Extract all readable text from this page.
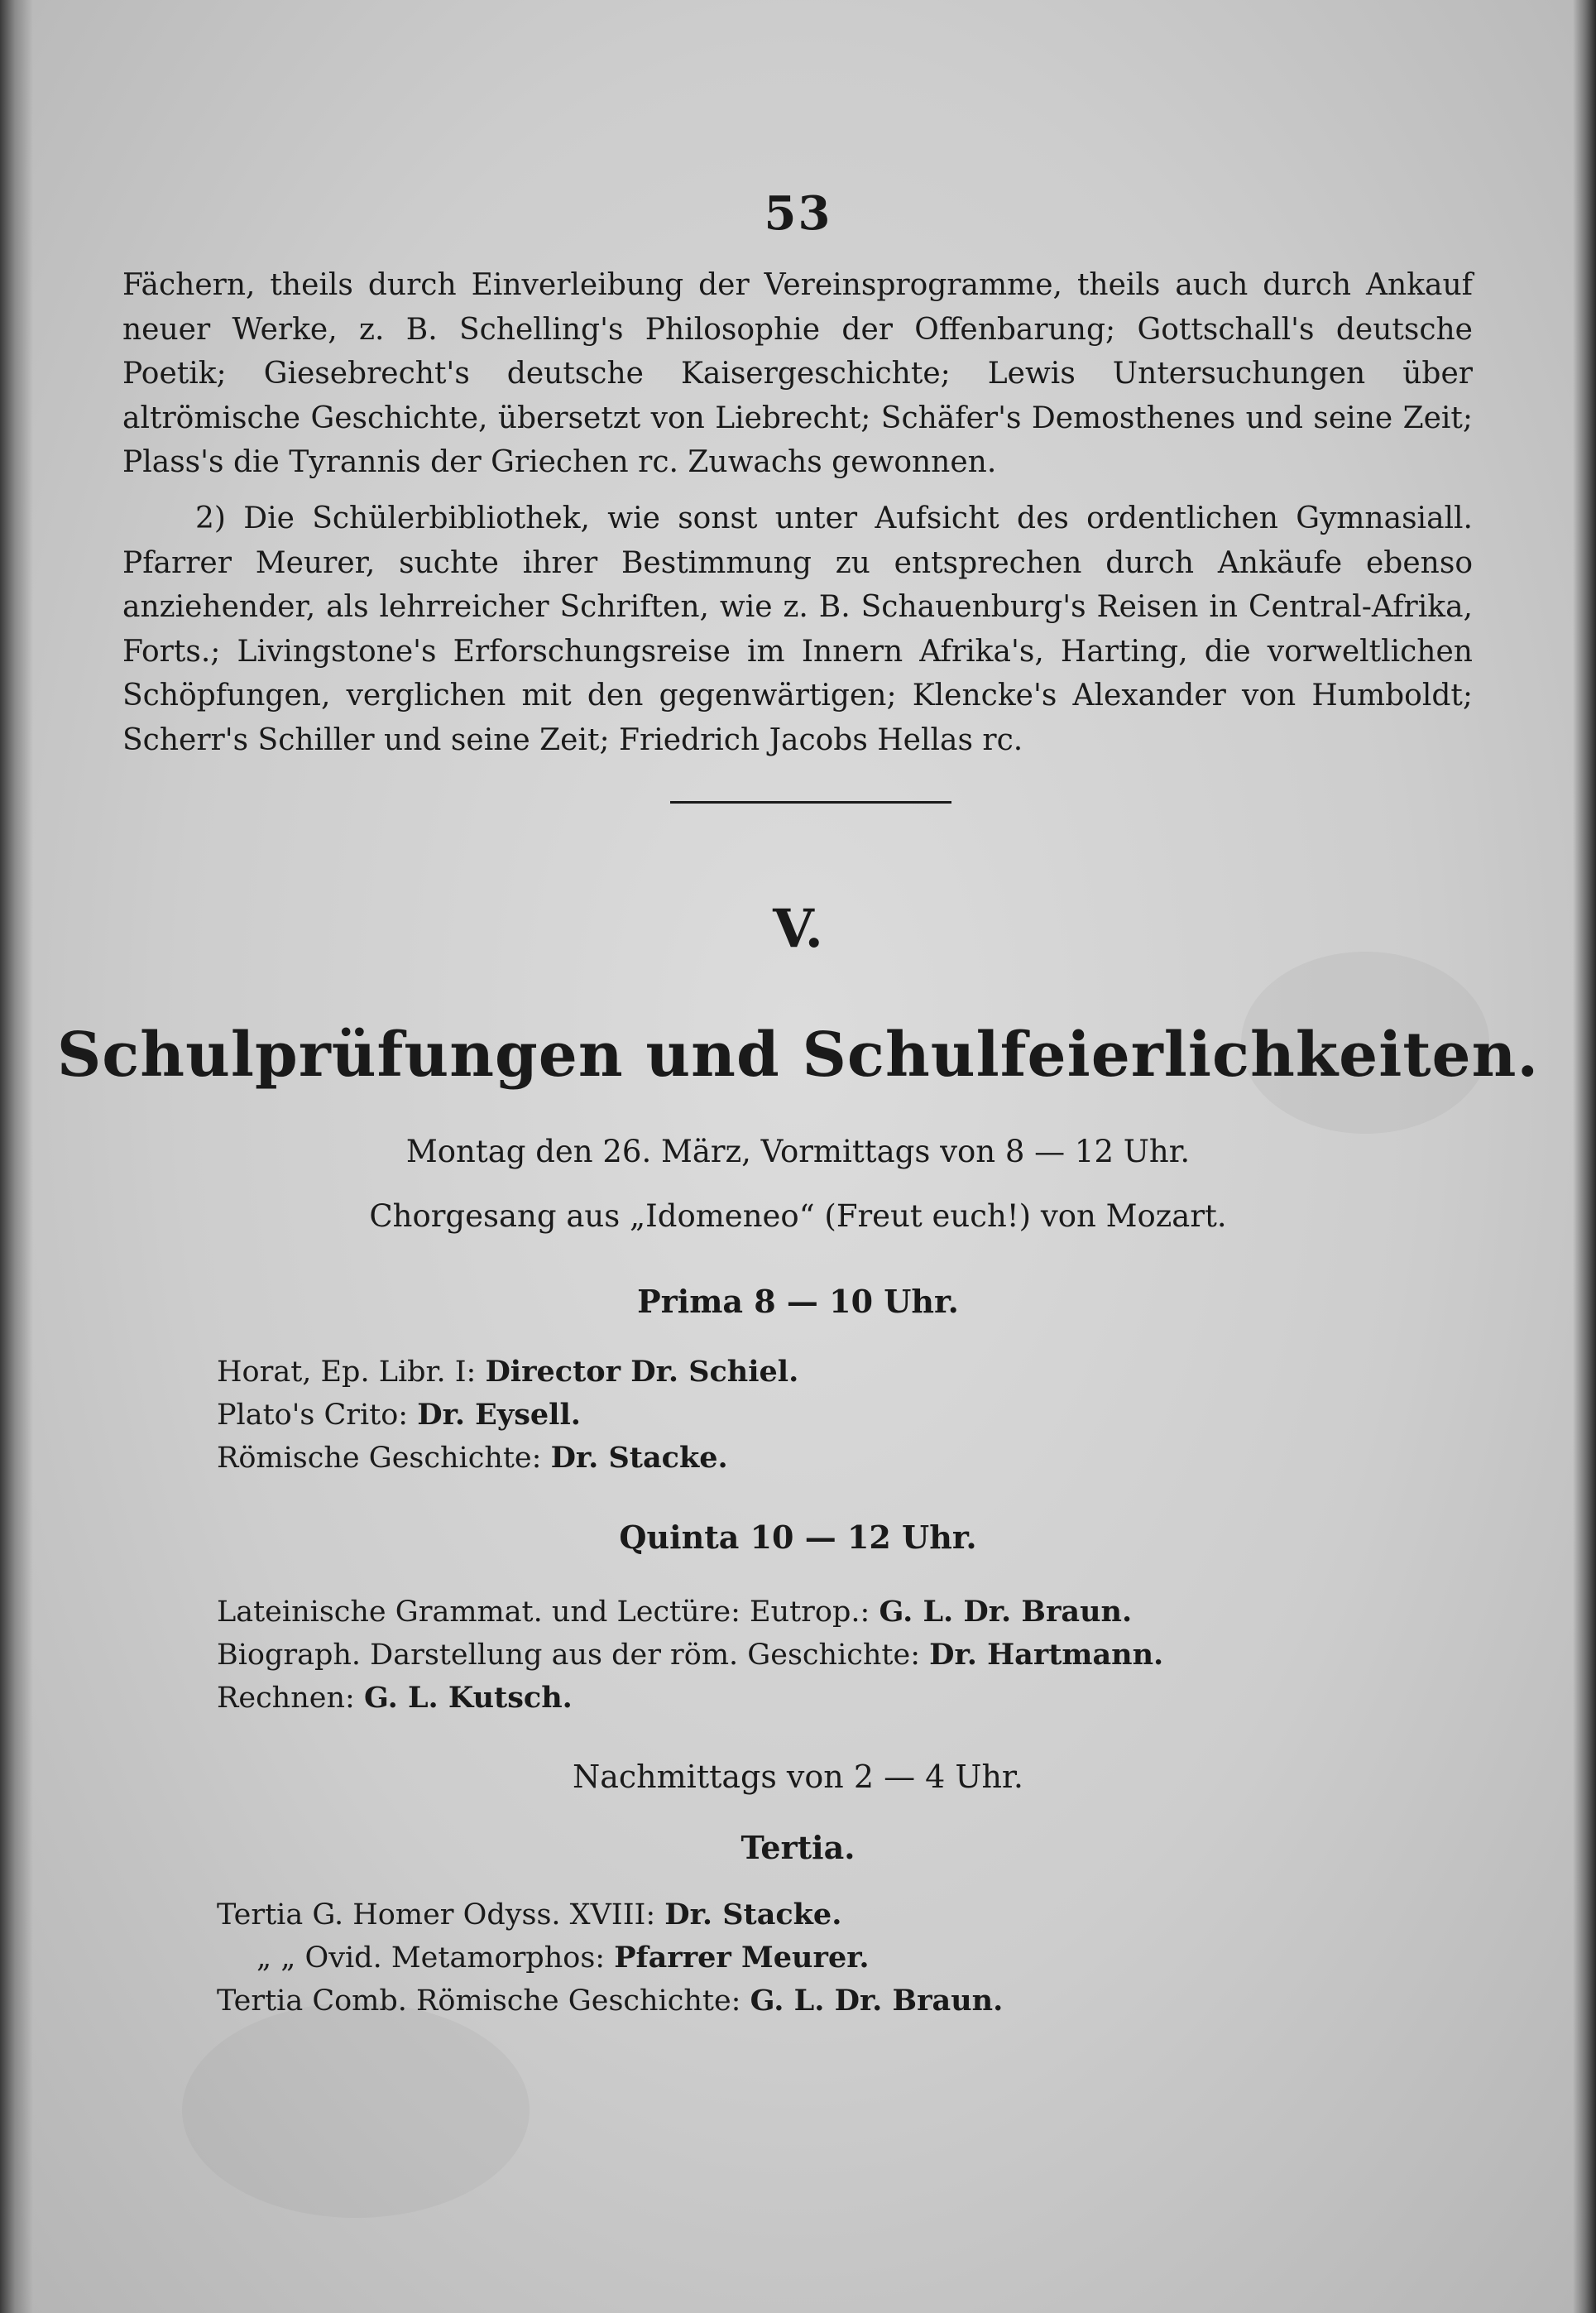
53
Fächern, theils durch Einverleibung der Vereinsprogramme, theils auch durch Ankauf neuer Werke, z. B. Schelling's Philosophie der Offenbarung; Gottschall's deutsche Poetik; Giesebrecht's deutsche Kaisergeschichte; Lewis Untersuchungen über altrömische Geschichte, übersetzt von Liebrecht; Schäfer's Demosthenes und seine Zeit; Plass's die Tyrannis der Griechen rc. Zuwachs gewonnen.
2) Die Schülerbibliothek, wie sonst unter Aufsicht des ordentlichen Gymnasiall. Pfarrer Meurer, suchte ihrer Bestimmung zu entsprechen durch Ankäufe ebenso anziehender, als lehrreicher Schriften, wie z. B. Schauenburg's Reisen in Central-Afrika, Forts.; Livingstone's Erforschungsreise im Innern Afrika's, Harting, die vorweltlichen Schöpfungen, verglichen mit den gegenwärtigen; Klencke's Alexander von Humboldt; Scherr's Schiller und seine Zeit; Friedrich Jacobs Hellas rc.
V.
Schulprüfungen und Schulfeierlichkeiten.
Montag den 26. März, Vormittags von 8 — 12 Uhr.
Chorgesang aus „Idomeneo“ (Freut euch!) von Mozart.
Prima 8 — 10 Uhr.
Horat, Ep. Libr. I: Director Dr. Schiel.
Plato's Crito: Dr. Eysell.
Römische Geschichte: Dr. Stacke.
Quinta 10 — 12 Uhr.
Lateinische Grammat. und Lectüre: Eutrop.: G. L. Dr. Braun.
Biograph. Darstellung aus der röm. Geschichte: Dr. Hartmann.
Rechnen: G. L. Kutsch.
Nachmittags von 2 — 4 Uhr.
Tertia.
Tertia G. Homer Odyss. XVIII: Dr. Stacke.
„ „ Ovid. Metamorphos: Pfarrer Meurer.
Tertia Comb. Römische Geschichte: G. L. Dr. Braun.
